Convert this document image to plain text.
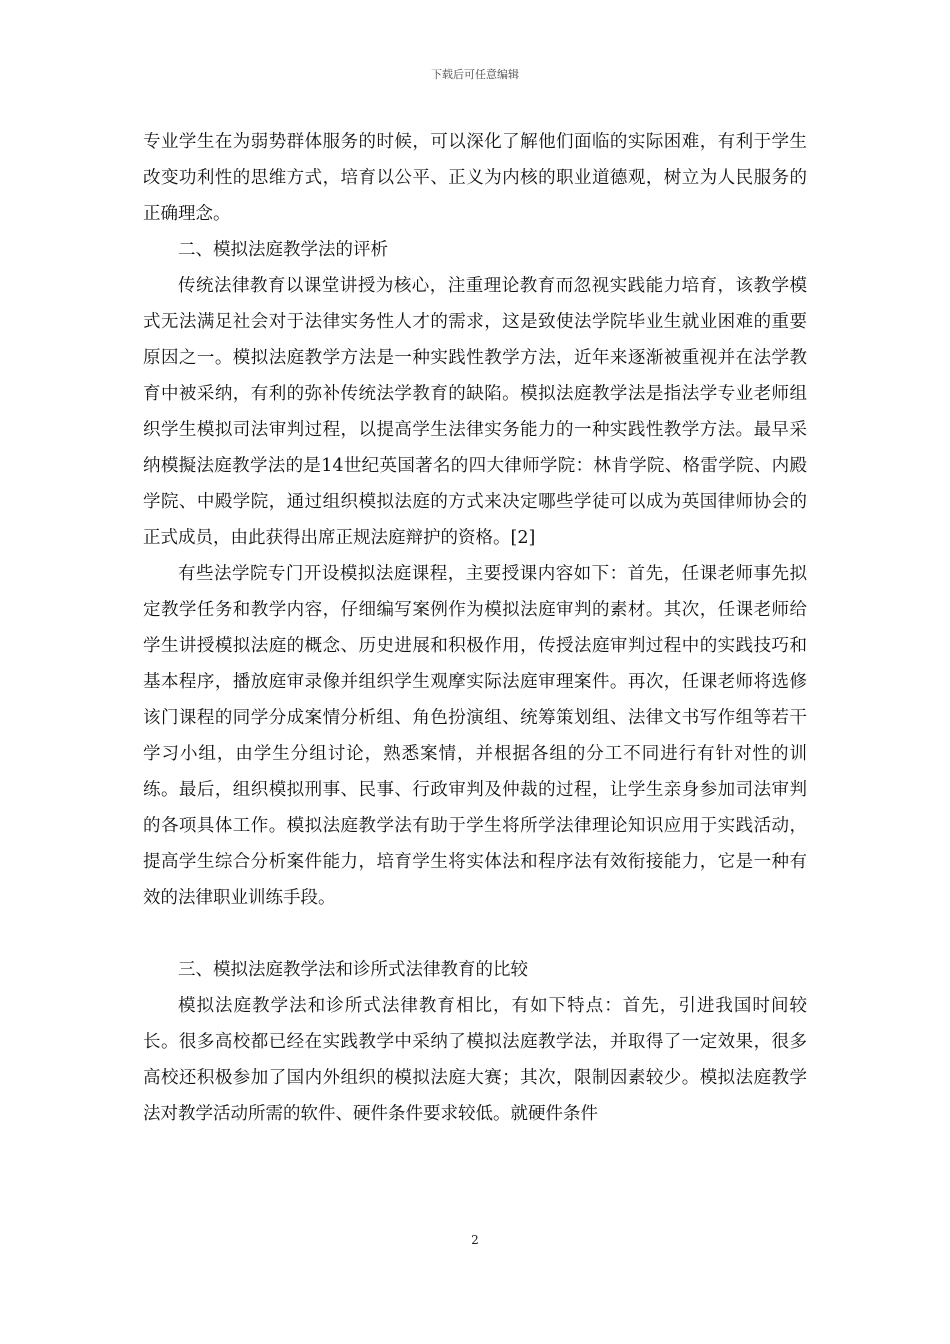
下载后可任意编辑

专业学生在为弱势群体服务的时候，可以深化了解他们面临的实际困难，有利于学生改变功利性的思维方式，培育以公平、正义为内核的职业道德观，树立为人民服务的正确理念。

二、模拟法庭教学法的评析

传统法律教育以课堂讲授为核心，注重理论教育而忽视实践能力培育，该教学模式无法满足社会对于法律实务性人才的需求，这是致使法学院毕业生就业困难的重要原因之一。模拟法庭教学方法是一种实践性教学方法，近年来逐渐被重视并在法学教育中被采纳，有利的弥补传统法学教育的缺陷。模拟法庭教学法是指法学专业老师组织学生模拟司法审判过程，以提高学生法律实务能力的一种实践性教学方法。最早采纳模擬法庭教学法的是14世纪英国著名的四大律师学院：林肯学院、格雷学院、内殿学院、中殿学院，通过组织模拟法庭的方式来决定哪些学徒可以成为英国律师协会的正式成员，由此获得出席正规法庭辩护的资格。[2]

有些法学院专门开设模拟法庭课程，主要授课内容如下：首先，任课老师事先拟定教学任务和教学内容，仔细编写案例作为模拟法庭审判的素材。其次，任课老师给学生讲授模拟法庭的概念、历史进展和积极作用，传授法庭审判过程中的实践技巧和基本程序，播放庭审录像并组织学生观摩实际法庭审理案件。再次，任课老师将选修该门课程的同学分成案情分析组、角色扮演组、统筹策划组、法律文书写作组等若干学习小组，由学生分组讨论，熟悉案情，并根据各组的分工不同进行有针对性的训练。最后，组织模拟刑事、民事、行政审判及仲裁的过程，让学生亲身参加司法审判的各项具体工作。模拟法庭教学法有助于学生将所学法律理论知识应用于实践活动，提高学生综合分析案件能力，培育学生将实体法和程序法有效衔接能力，它是一种有效的法律职业训练手段。

三、模拟法庭教学法和诊所式法律教育的比较

模拟法庭教学法和诊所式法律教育相比，有如下特点：首先，引进我国时间较长。很多高校都已经在实践教学中采纳了模拟法庭教学法，并取得了一定效果，很多高校还积极参加了国内外组织的模拟法庭大赛；其次，限制因素较少。模拟法庭教学法对教学活动所需的软件、硬件条件要求较低。就硬件条件

2
